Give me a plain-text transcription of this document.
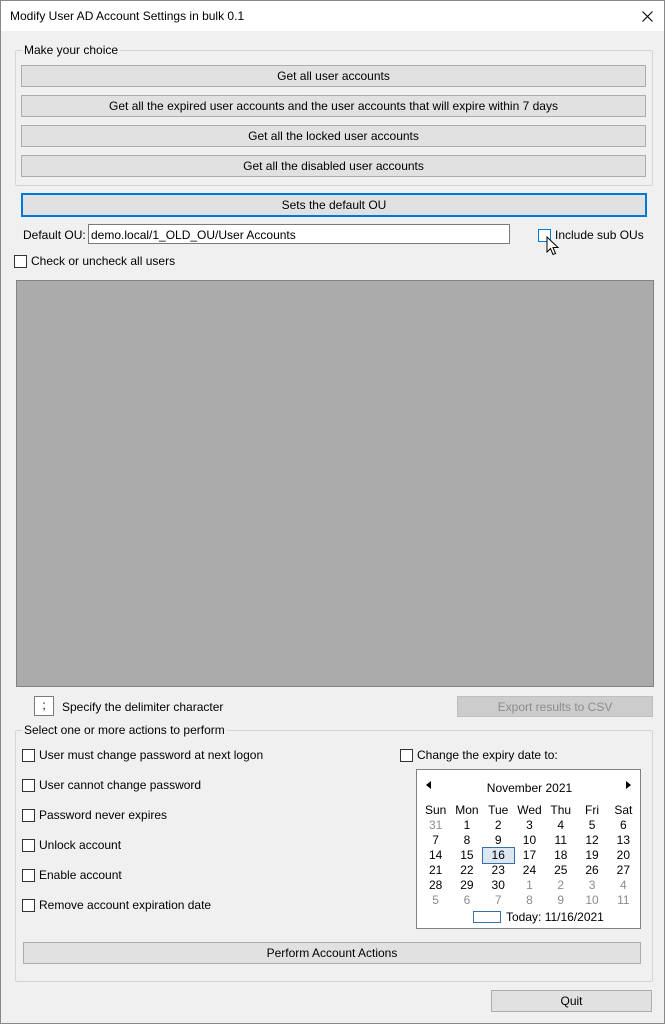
Modify User AD Account Settings in bulk 0.1
Make your choice
Get all user accounts
Get all the expired user accounts and the user accounts that will expire within 7 days
Get all the locked user accounts
Get all the disabled user accounts
Sets the default OU
Default OU: demo.local/1_OLD_OU/User Accounts	Include sub OUs
Check or uncheck all users
;	Specify the delimiter character	Export results to CSV
Select one or more actions to perform
User must change password at next logon
User cannot change password
Password never expires
Unlock account
Enable account
Remove account expiration date
Change the expiry date to:
November 2021
Sun Mon Tue Wed Thu	Fri	Sat
31	1	2	3	4	5	6
7	8	9	10	11	12	13
14	15	16	17	18	19	20
21	22	23	24	25	26	27
28	29	30	1	2	3	4
5	6	7	8	9	10	11
Today: 11/16/2021
Perform Account Actions
Quit
